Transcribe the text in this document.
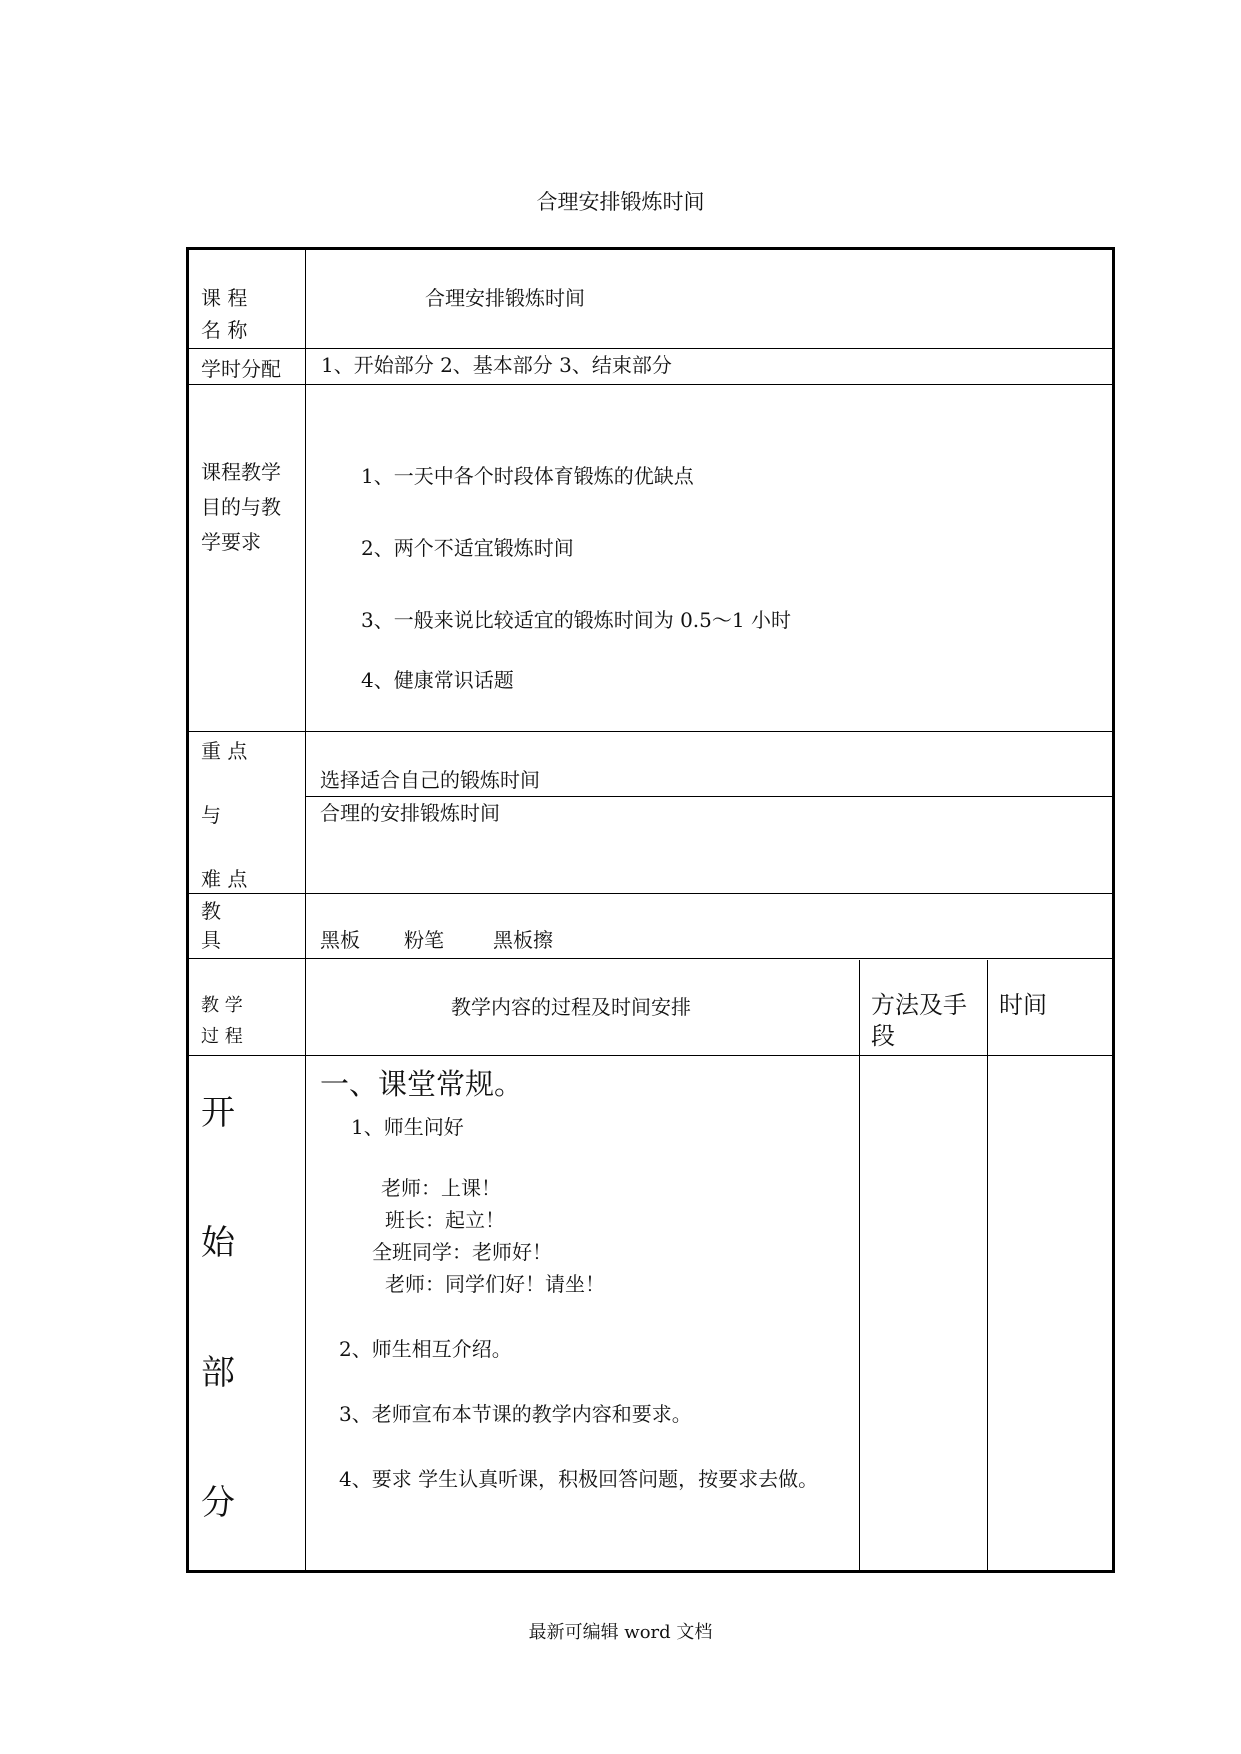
合理安排锻炼时间
课 程
名 称
合理安排锻炼时间
学时分配 1、开始部分 2、基本部分 3、结束部分
课程教学
目的与教
学要求
1、一天中各个时段体育锻炼的优缺点
2、两个不适宜锻炼时间
3、一般来说比较适宜的锻炼时间为 0.5～1 小时
4、健康常识话题
重 点
与
难 点
选择适合自己的锻炼时间
合理的安排锻炼时间
教
具	黑板 粉笔 黑板擦
教 学
过 程
教学内容的过程及时间安排	方法及手
段
时间
开
始
部
分
一、课堂常规。
1、师生问好
老师：上课！
班长：起立！
全班同学：老师好！
老师：同学们好！请坐！
2、师生相互介绍。
3、老师宣布本节课的教学内容和要求。
4、要求 学生认真听课，积极回答问题，按要求去做。
最新可编辑 word 文档
